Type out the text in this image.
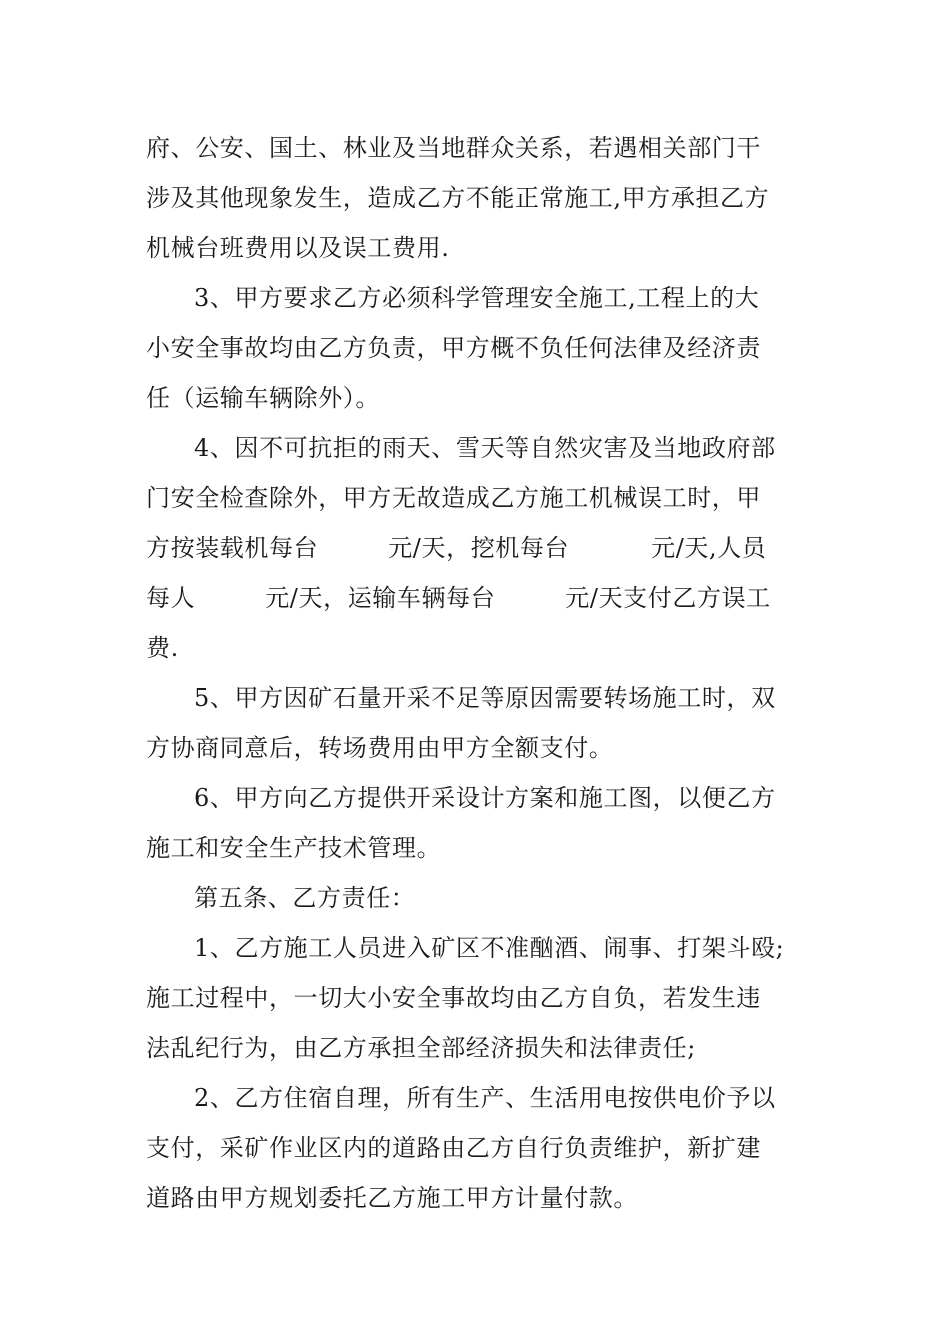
府、公安、国土、林业及当地群众关系，若遇相关部门干
涉及其他现象发生，造成乙方不能正常施工,甲方承担乙方
机械台班费用以及误工费用.
3、甲方要求乙方必须科学管理安全施工,工程上的大
小安全事故均由乙方负责，甲方概不负任何法律及经济责
任（运输车辆除外）。
4、因不可抗拒的雨天、雪天等自然灾害及当地政府部
门安全检查除外，甲方无故造成乙方施工机械误工时，甲
方按装载机每台	元/天，挖机每台	元/天,人员
每人	元/天，运输车辆每台	元/天支付乙方误工
费.
5、甲方因矿石量开采不足等原因需要转场施工时，双
方协商同意后，转场费用由甲方全额支付。
6、甲方向乙方提供开采设计方案和施工图，以便乙方
施工和安全生产技术管理。
第五条、乙方责任：
1、乙方施工人员进入矿区不准酗酒、闹事、打架斗殴;
施工过程中，一切大小安全事故均由乙方自负，若发生违
法乱纪行为，由乙方承担全部经济损失和法律责任;
2、乙方住宿自理，所有生产、生活用电按供电价予以
支付，采矿作业区内的道路由乙方自行负责维护，新扩建
道路由甲方规划委托乙方施工甲方计量付款。
